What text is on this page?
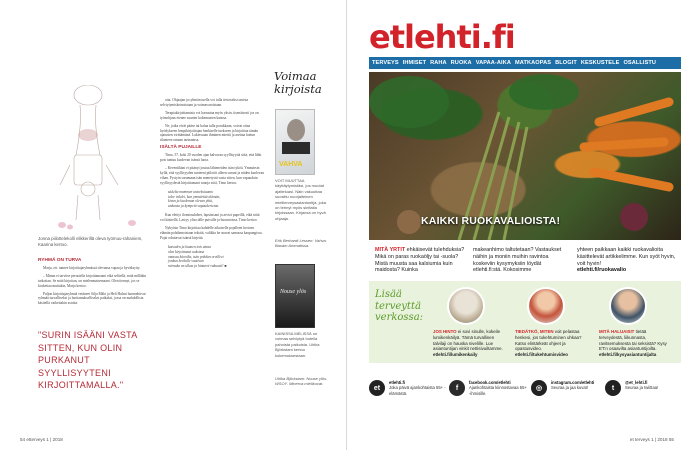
Jonna piilottelekolli elikkerillä oleva työmuu-rahaniem, Kaarina kertoo.
RYHMÄ ON TURVA

Marja, ett. tunnee kirjoittajaryhmässä olevansa vapaa ja hyväksytty.

– Minun ei tarvitse perustella kirjoittamaani eikä selitellä, mitä milläkin tarkoitan. Se mitä kirjoitan, on mielenmaisemaani. Olen tiennyt, jos se koskettaa muitakin, Marja kertoo.

Paljon kirjoittajaryhmiä vetäneet Silja Mäki ja Heli Hulmi luonnehtivat ryhmää turvalliseksi ja luottamukselliseksi paikaksi, jossa on mahdollista käsitellä vaikeitakin asioita.

"SURIN ISÄÄNI VASTA SITTEN, KUN OLIN PURKANUT SYYLLISYYTENI KIRJOITTAMALLA."

oita. Ohjaajan ja ryhmän tuella voi tulla tietoiseksi omista selviytymiskeinoistaan ja voimavaroistaan.

Terapiakirjoittamista voi harrastaa myös yksin, itsenäisesti jos on työnohjaus etenee suurten kokemusten kanssa.

Ne, jotka eivät pääse tai halua tulla porukkaan, voivat ottaa hyödykseen lempikirjoittajan henkiselle tuekseen ja kirjoittaa tämän ajatusten virittämänä. Lukiessaan ihminen miettii ja asettaa luetun tilanteen omaan tarinaansa.

ISÄLTÄ PUJAILLE

Timo, 57, koki 20 vuoden ajan kalvavaa syyllisyyttä siitä, että lähti pois tuntuu kuolevan isänsä luota.

– Keventikäni ei pitänyt joutua lähteneiden isän tyköä. Ymmärsin kyllä, että syyllisyyden tunteeni piiloitti alleen suruni ja niiden kuolevan vihan. Pystyin surumaan isän menetystä vasta sitten, kun vapauduin syyllisyydestä kirjoittamani runoja siitä, Timo kertoo.

sädelta mommen unteeksiaanto
tulee trdelei, kun ymmärtää ulämän,
kivun ja kuoleman olevan yhtä,
unkansa ja kympeiä vapauderteiua.

Kun elettyi ilomissuhdeet, lapsiinsani ja arviot pupeillä, eikä niitä voi käsitellä. Lastyy ylisa tälle puivälle ja huomioissa, Timo kertoo.

Nykyisin Timo kirjoittaa kahdelle aikuiselle pojalleen kertoen elämän pohdinnoistaan tekstiä, valikka he asuvat samassa kaupungissa. Pojat odottavat isänsä kirjeitä.

katsoden ja kaunen tois ainaa
olen kirjoittanut uuksissa
omassa kävoilta, isän pohdan orvilleet
jonkun herkulle vaativan

mirnaka on ulkoa ja hintaroi vakuusit! ■

Voimaa kirjoista
VAHVA
VOIT MUUTTAA käyttäytymistäsi, jos muutat ajatteluasi. Näin vakuuttaa suosittu nuorjaiteinen mieliterveysasiantuntija, joka on tehnyt myös sinfiaita kirjoissaan. Kirjansa on hyvä ohjaaja.
Erik Berhardt Lessen: Vahva. Basam Ammatissa.
Nouse ylös
KAINISSA MELISSÄ on voimaa selviytyä todella pahoista paikoista. Ulrika Björkstam kertoo kokemuksestaan.
Ulrika Björkstam: Nouse ylös. WSOY. Minerva mielikuvat.
54 etterveys 1 | 2018
etlehti.fi
TERVEYS IHMISET RAHA RUOKA VAPAA-AIKA MATKAOPAS BLOGIT KESKUSTELE OSALLISTU
KAIKKI RUOKAVALIOISTA!
MITÄ YRTIT ehkäisevät tulehduksia? Mikä on paras ruokaöljy tai -suola? Mistä muusta saa kalsiumia kuin maidosta? Kuinka
makeanhimo taltutetaan? Vastaukset näihin ja moniin muihin ravintoa koskeviin kysymyksiin löydät etlehti.fi:stä. Kokosimme
yhteen paikkaan kaikki ruokavalioita käsittelevät artikkelimme. Kun syöt hyvin, voit hyvin!
etlehti.fi/ruokavalio
Lisää terveyttä verkossa:
JOS HINTO ei sovi sinulle, kokeile lumikenkäilyä. Tämä turvallinen talvilaji on hauska nivelille. Lue asiantuntijan vinkit nettisivuiltamme.
etlehti.fi/lumikenkaily
TIEDÄTKÖ, MITEN voit pelastaa henkesi, jos tukehtuminen uhkaa? Katso elintärkeät ohjeet ja opastusvideo.
etlehti.fi/tukehtumisvideo
MITÄ HALUAISIT tietää terveydestä, liikunnasta, ravitsemuksesta tai seksistä? Kysy ET:n osaavilta asiantuntijoilta.
etlehti.fi/kysyasiantuntijalta
et
etlehti.fi
Joka päivä ajankohtaista 55+ -elämästä.
f
facebook.com/etlehti
Ajankohtaista kiinnostavaa 55+ -ihmisille.
◎
instagram.com/etlehti
Seuraa ja jaa kuvat!	t
@et_lehti.fi
Seuraa ja twiittaa!
et terveys 1 | 2018 55
